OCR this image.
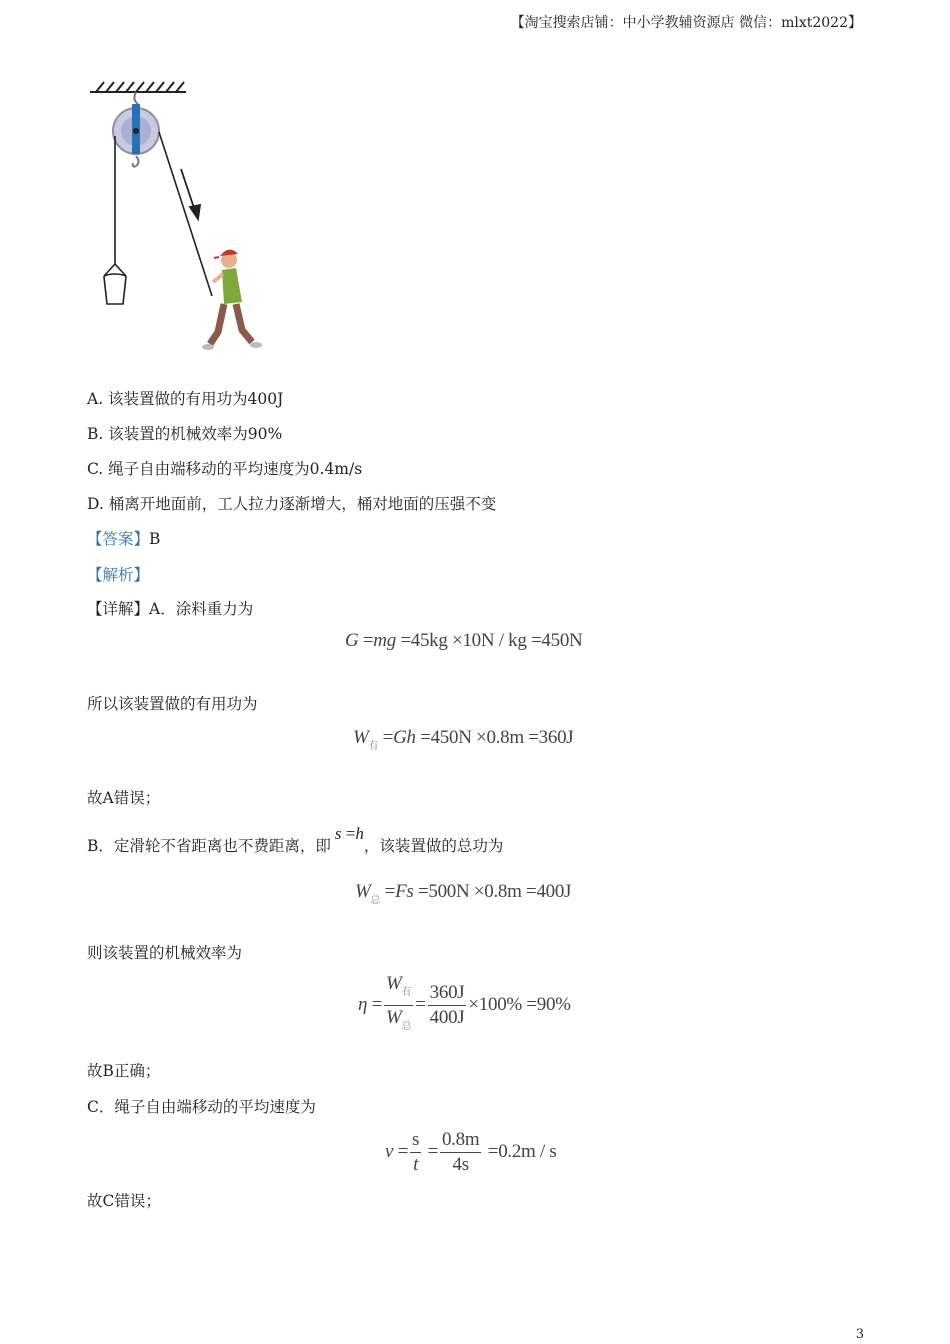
【淘宝搜索店铺：中小学教辅资源店 微信：mlxt2022】
A. 该装置做的有用功为400J
B. 该装置的机械效率为90%
C. 绳子自由端移动的平均速度为0.4m/s
D. 桶离开地面前，工人拉力逐渐增大，桶对地面的压强不变
【答案】B
【解析】
【详解】A．涂料重力为
G =mg =45kg ×10N / kg =450N
所以该装置做的有用功为
$W_有 =Gh =450N \times 0.8m =360J$
故A错误；
B．定滑轮不省距离也不费距离，即s =h，该装置做的总功为
$W_总 =Fs =500N \times 0.8m =400J$
则该装置的机械效率为
$\eta = \frac{W_有}{W_总} = \frac{360J}{400J} \times 100\% =90\%$
故B正确；
C．绳子自由端移动的平均速度为
$v = \frac{s}{t} = \frac{0.8m}{4s} =0.2m / s$
故C错误；
3
